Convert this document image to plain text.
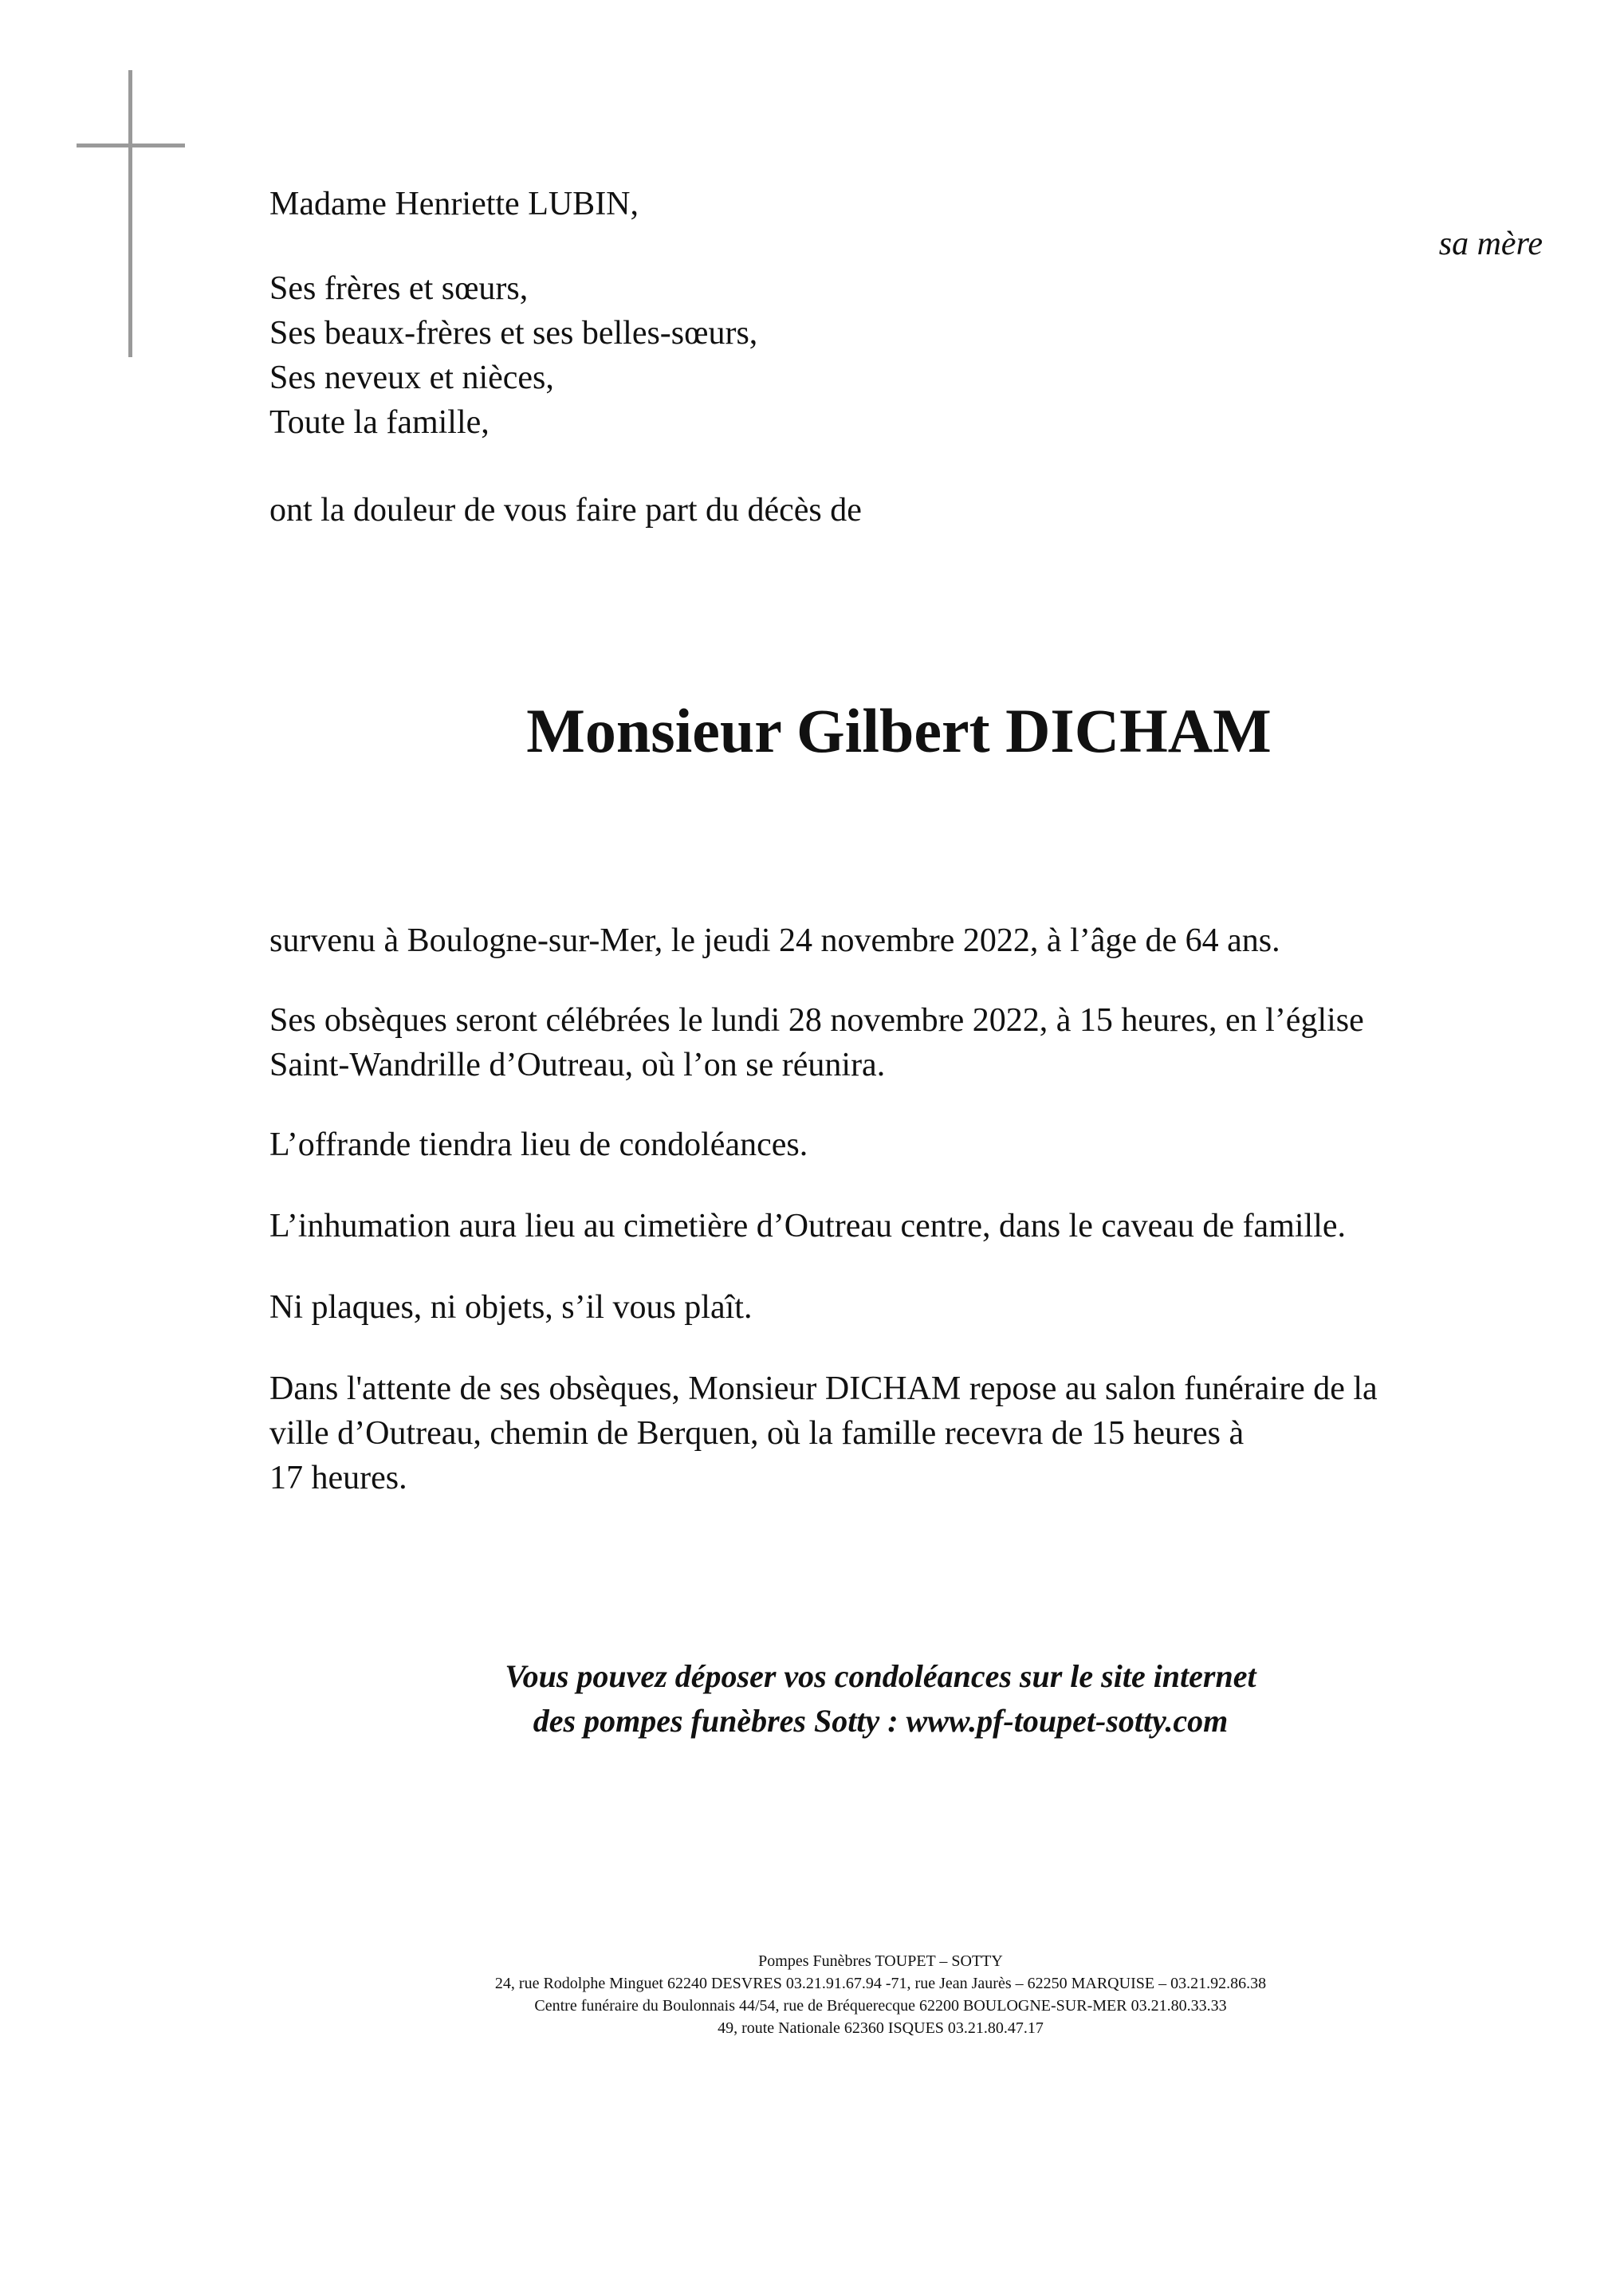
Madame Henriette LUBIN,
sa mère
Ses frères et sœurs,
Ses beaux-frères et ses belles-sœurs,
Ses neveux et nièces,
Toute la famille,
ont la douleur de vous faire part du décès de
Monsieur Gilbert DICHAM
survenu à Boulogne-sur-Mer, le jeudi 24 novembre 2022, à l’âge de 64 ans.
Ses obsèques seront célébrées le lundi 28 novembre 2022, à 15 heures, en l’église
Saint-Wandrille d’Outreau, où l’on se réunira.
L’offrande tiendra lieu de condoléances.
L’inhumation aura lieu au cimetière d’Outreau centre, dans le caveau de famille.
Ni plaques, ni objets, s’il vous plaît.
Dans l'attente de ses obsèques, Monsieur DICHAM repose au salon funéraire de la
ville d’Outreau, chemin de Berquen, où la famille recevra de 15 heures à
17 heures.
Vous pouvez déposer vos condoléances sur le site internet
des pompes funèbres Sotty : www.pf-toupet-sotty.com
Pompes Funèbres TOUPET – SOTTY
24, rue Rodolphe Minguet 62240 DESVRES 03.21.91.67.94 -71, rue Jean Jaurès – 62250 MARQUISE – 03.21.92.86.38
Centre funéraire du Boulonnais 44/54, rue de Bréquerecque 62200 BOULOGNE-SUR-MER 03.21.80.33.33
49, route Nationale 62360 ISQUES 03.21.80.47.17
